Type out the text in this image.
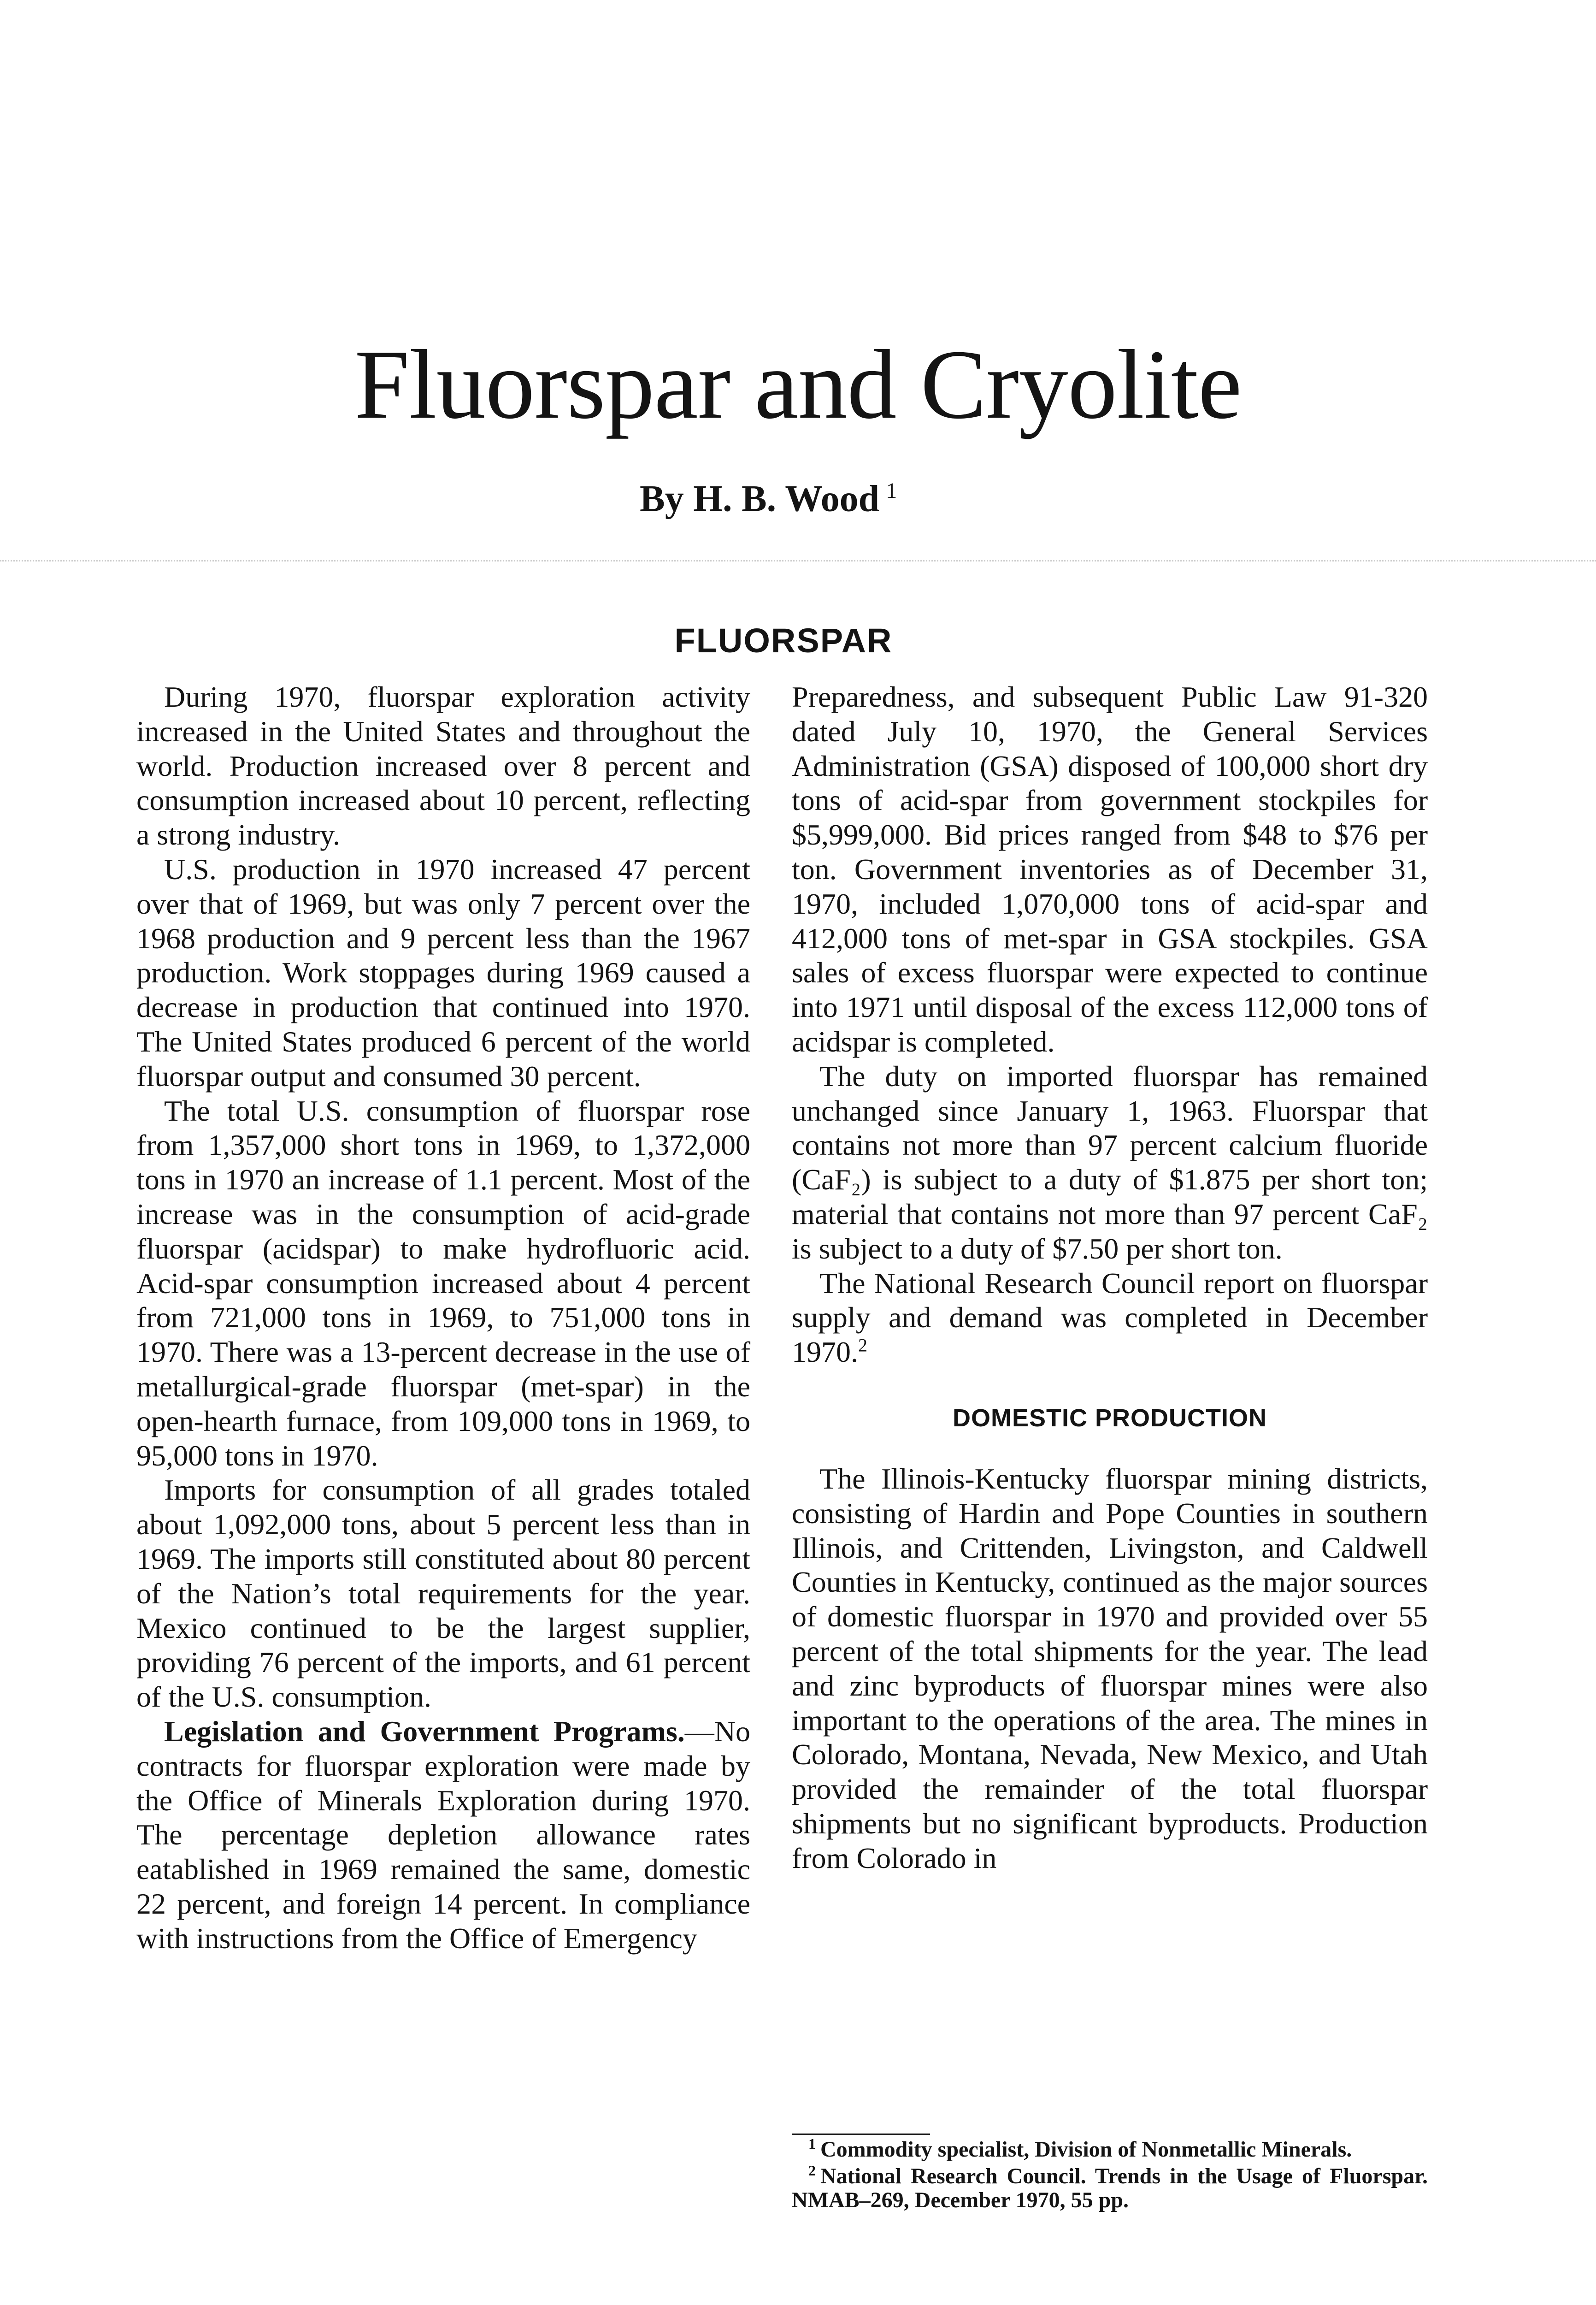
Fluorspar and Cryolite
By H. B. Wood $^1$
FLUORSPAR

During 1970, fluorspar exploration activity increased in the United States and throughout the world. Production increased over 8 percent and consumption increased about 10 percent, reflecting a strong industry.

U.S. production in 1970 increased 47 percent over that of 1969, but was only 7 percent over the 1968 production and 9 percent less than the 1967 production. Work stoppages during 1969 caused a decrease in production that continued into 1970. The United States produced 6 percent of the world fluorspar output and consumed 30 percent.

The total U.S. consumption of fluorspar rose from 1,357,000 short tons in 1969, to 1,372,000 tons in 1970 an increase of 1.1 percent. Most of the increase was in the consumption of acid-grade fluorspar (acidspar) to make hydrofluoric acid. Acid-spar consumption increased about 4 percent from 721,000 tons in 1969, to 751,000 tons in 1970. There was a 13-percent decrease in the use of metallurgical-grade fluorspar (met-spar) in the open-hearth furnace, from 109,000 tons in 1969, to 95,000 tons in 1970.

Imports for consumption of all grades totaled about 1,092,000 tons, about 5 percent less than in 1969. The imports still constituted about 80 percent of the Nation’s total requirements for the year. Mexico continued to be the largest supplier, providing 76 percent of the imports, and 61 percent of the U.S. consumption.

Legislation and Government Programs.—No contracts for fluorspar exploration were made by the Office of Minerals Exploration during 1970. The percentage depletion allowance rates eatablished in 1969 remained the same, domestic 22 percent, and foreign 14 percent. In compliance with instructions from the Office of Emergency

Preparedness, and subsequent Public Law 91-320 dated July 10, 1970, the General Services Administration (GSA) disposed of 100,000 short dry tons of acid-spar from government stockpiles for $5,999,000. Bid prices ranged from $48 to $76 per ton. Government inventories as of December 31, 1970, included 1,070,000 tons of acid-spar and 412,000 tons of met-spar in GSA stockpiles. GSA sales of excess fluorspar were expected to continue into 1971 until disposal of the excess 112,000 tons of acidspar is completed.

The duty on imported fluorspar has remained unchanged since January 1, 1963. Fluorspar that contains not more than 97 percent calcium fluoride (CaF₂) is subject to a duty of $1.875 per short ton; material that contains not more than 97 percent CaF₂ is subject to a duty of $7.50 per short ton.

The National Research Council report on fluorspar supply and demand was completed in December 1970.$^2$

DOMESTIC PRODUCTION

The Illinois-Kentucky fluorspar mining districts, consisting of Hardin and Pope Counties in southern Illinois, and Crittenden, Livingston, and Caldwell Counties in Kentucky, continued as the major sources of domestic fluorspar in 1970 and provided over 55 percent of the total shipments for the year. The lead and zinc byproducts of fluorspar mines were also important to the operations of the area. The mines in Colorado, Montana, Nevada, New Mexico, and Utah provided the remainder of the total fluorspar shipments but no significant byproducts. Production from Colorado in

$^1$ Commodity specialist, Division of Nonmetallic Minerals.
$^2$ National Research Council. Trends in the Usage of Fluorspar. NMAB–269, December 1970, 55 pp.
